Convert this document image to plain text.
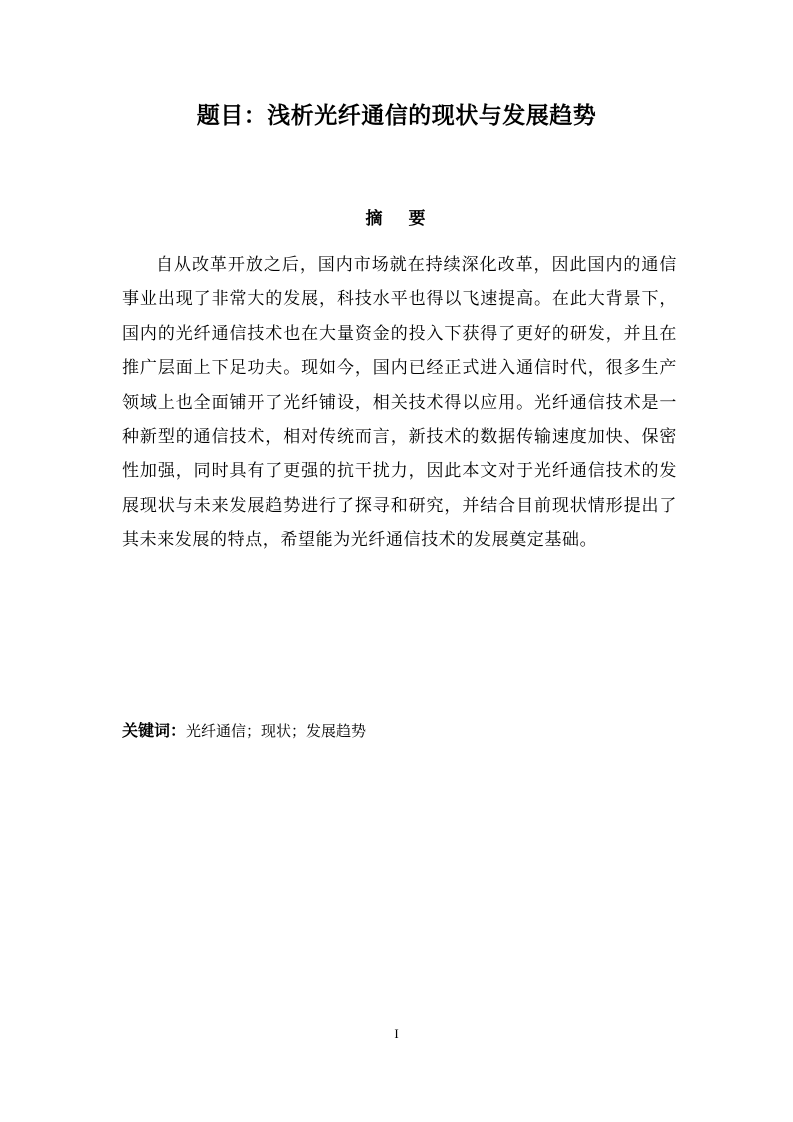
题目：浅析光纤通信的现状与发展趋势
摘 要

自从改革开放之后，国内市场就在持续深化改革，因此国内的通信事业出现了非常大的发展，科技水平也得以飞速提高。在此大背景下，国内的光纤通信技术也在大量资金的投入下获得了更好的研发，并且在推广层面上下足功夫。现如今，国内已经正式进入通信时代，很多生产领域上也全面铺开了光纤铺设，相关技术得以应用。光纤通信技术是一种新型的通信技术，相对传统而言，新技术的数据传输速度加快、保密性加强，同时具有了更强的抗干扰力，因此本文对于光纤通信技术的发展现状与未来发展趋势进行了探寻和研究，并结合目前现状情形提出了其未来发展的特点，希望能为光纤通信技术的发展奠定基础。

关键词：光纤通信；现状；发展趋势
I
